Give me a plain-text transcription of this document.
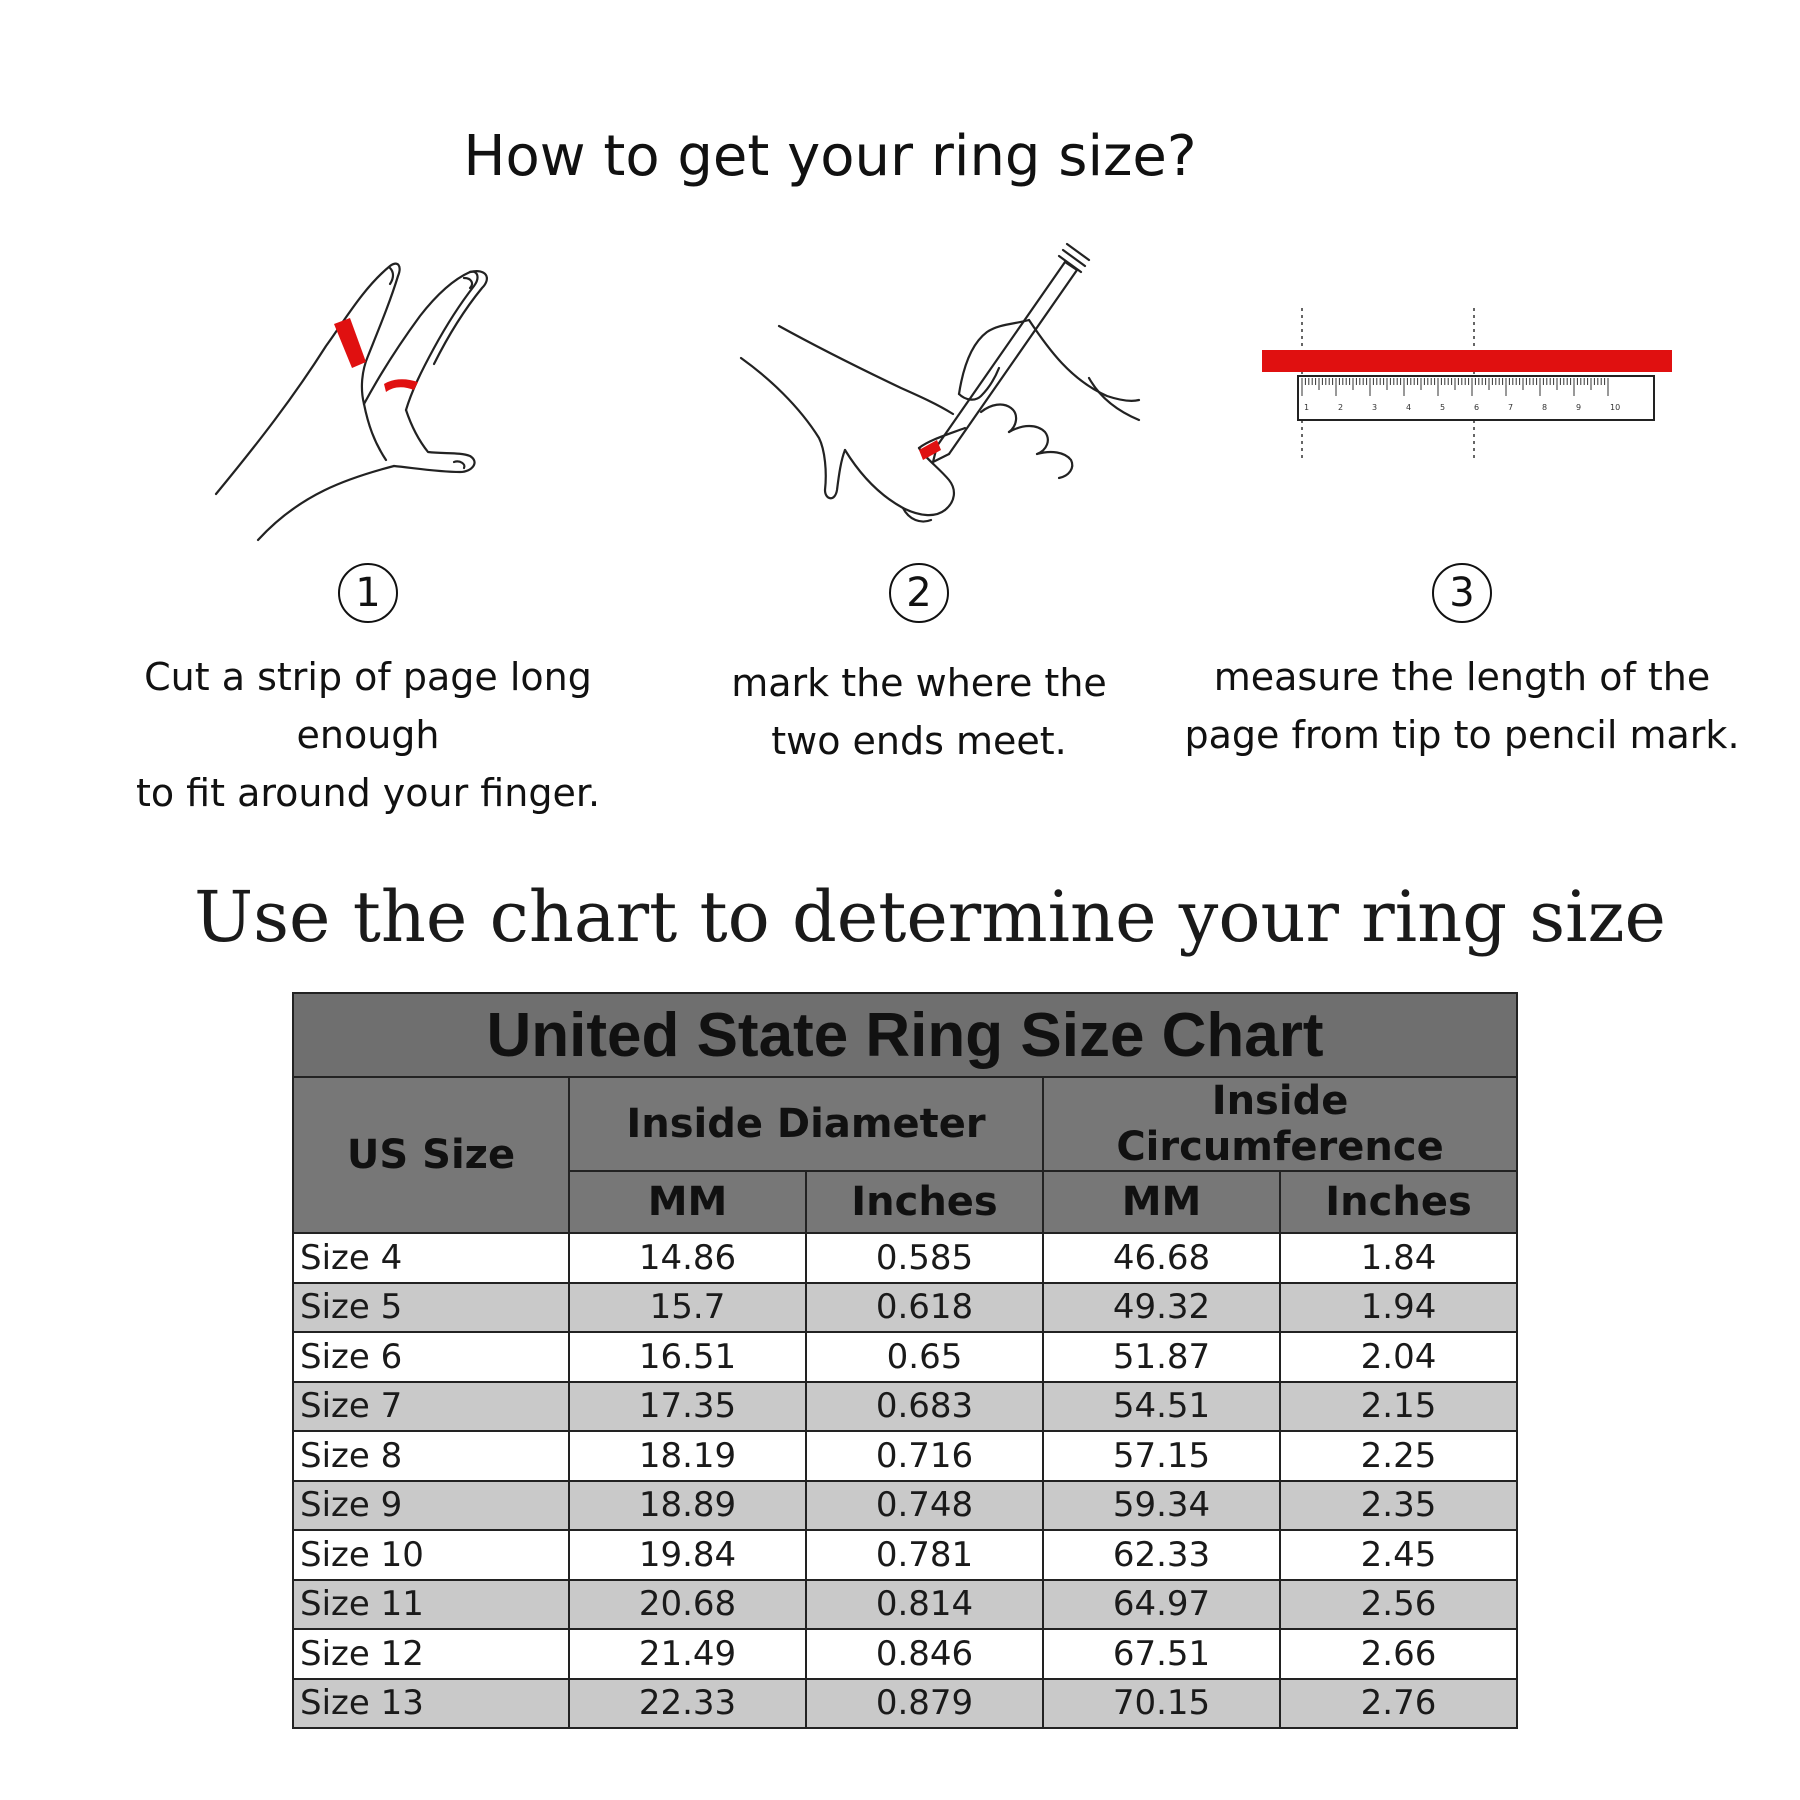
How to get your ring size?
1
Cut a strip of page long enough
to fit around your finger.
2
mark the where the
two ends meet.
1	2	3	4	5	6	7	8	9	10
3
measure the length of the
page from tip to pencil mark.
Use the chart to determine your ring size
United State Ring Size Chart				
US Size	Inside Diameter		Inside Circumference	
	MM	Inches	MM	Inches
Size 4	14.86	0.585	46.68	1.84
Size 5	15.7	0.618	49.32	1.94
Size 6	16.51	0.65	51.87	2.04
Size 7	17.35	0.683	54.51	2.15
Size 8	18.19	0.716	57.15	2.25
Size 9	18.89	0.748	59.34	2.35
Size 10	19.84	0.781	62.33	2.45
Size 11	20.68	0.814	64.97	2.56
Size 12	21.49	0.846	67.51	2.66
Size 13	22.33	0.879	70.15	2.76
